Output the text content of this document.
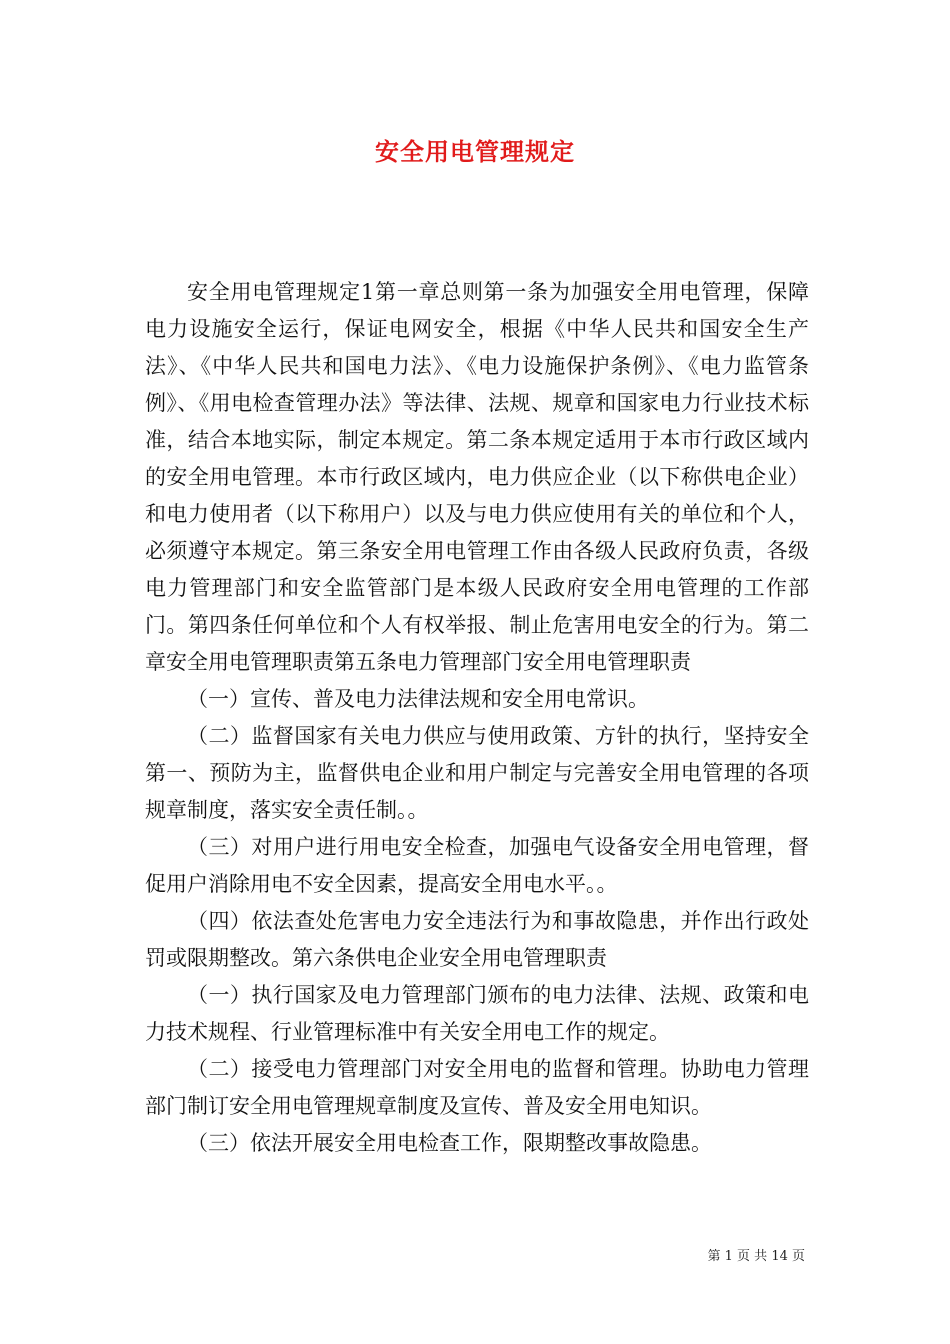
安全用电管理规定

安全用电管理规定1第一章总则第一条为加强安全用电管理，保障电力设施安全运行，保证电网安全，根据《中华人民共和国安全生产法》、《中华人民共和国电力法》、《电力设施保护条例》、《电力监管条例》、《用电检查管理办法》等法律、法规、规章和国家电力行业技术标准，结合本地实际，制定本规定。第二条本规定适用于本市行政区域内的安全用电管理。本市行政区域内，电力供应企业（以下称供电企业）和电力使用者（以下称用户）以及与电力供应使用有关的单位和个人，必须遵守本规定。第三条安全用电管理工作由各级人民政府负责，各级电力管理部门和安全监管部门是本级人民政府安全用电管理的工作部门。第四条任何单位和个人有权举报、制止危害用电安全的行为。第二章安全用电管理职责第五条电力管理部门安全用电管理职责

（一）宣传、普及电力法律法规和安全用电常识。

（二）监督国家有关电力供应与使用政策、方针的执行，坚持安全第一、预防为主，监督供电企业和用户制定与完善安全用电管理的各项规章制度，落实安全责任制。。

（三）对用户进行用电安全检查，加强电气设备安全用电管理，督促用户消除用电不安全因素，提高安全用电水平。。

（四）依法查处危害电力安全违法行为和事故隐患，并作出行政处罚或限期整改。第六条供电企业安全用电管理职责

（一）执行国家及电力管理部门颁布的电力法律、法规、政策和电力技术规程、行业管理标准中有关安全用电工作的规定。

（二）接受电力管理部门对安全用电的监督和管理。协助电力管理部门制订安全用电管理规章制度及宣传、普及安全用电知识。

（三）依法开展安全用电检查工作，限期整改事故隐患。

第 1 页 共 14 页
